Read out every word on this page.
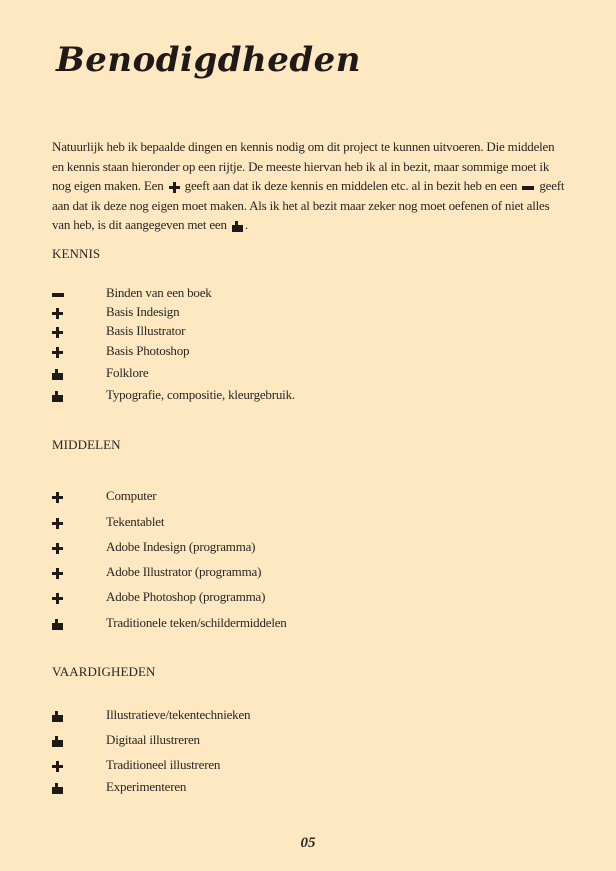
Benodigdheden

Natuurlijk heb ik bepaalde dingen en kennis nodig om dit project te kunnen uitvoeren. Die middelen en kennis staan hieronder op een rijtje. De meeste hiervan heb ik al in bezit, maar sommige moet ik nog eigen maken. Een geeft aan dat ik deze kennis en middelen etc. al in bezit heb en een geeft aan dat ik deze nog eigen moet maken. Als ik het al bezit maar zeker nog moet oefenen of niet alles van heb, is dit aangegeven met een .

KENNIS
Binden van een boek
Basis Indesign
Basis Illustrator
Basis Photoshop
Folklore
Typografie, compositie, kleurgebruik.
MIDDELEN
Computer
Tekentablet
Adobe Indesign (programma)
Adobe Illustrator (programma)
Adobe Photoshop (programma)
Traditionele teken/schildermiddelen
VAARDIGHEDEN
Illustratieve/tekentechnieken
Digitaal illustreren
Traditioneel illustreren
Experimenteren
05
